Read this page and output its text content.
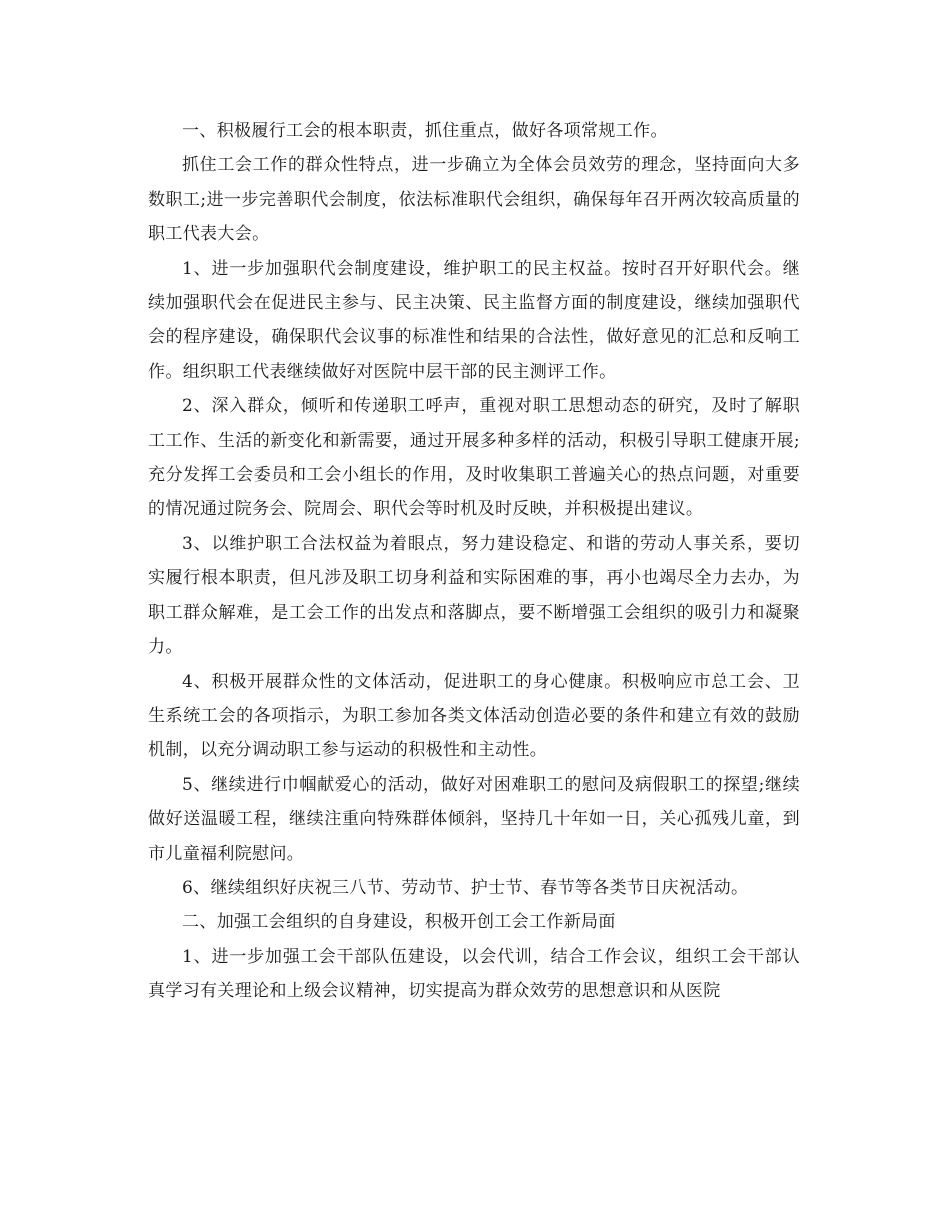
一、积极履行工会的根本职责，抓住重点，做好各项常规工作。

抓住工会工作的群众性特点，进一步确立为全体会员效劳的理念，坚持面向大多数职工;进一步完善职代会制度，依法标准职代会组织，确保每年召开两次较高质量的职工代表大会。

1、进一步加强职代会制度建设，维护职工的民主权益。按时召开好职代会。继续加强职代会在促进民主参与、民主决策、民主监督方面的制度建设，继续加强职代会的程序建设，确保职代会议事的标准性和结果的合法性，做好意见的汇总和反响工作。组织职工代表继续做好对医院中层干部的民主测评工作。

2、深入群众，倾听和传递职工呼声，重视对职工思想动态的研究，及时了解职工工作、生活的新变化和新需要，通过开展多种多样的活动，积极引导职工健康开展;充分发挥工会委员和工会小组长的作用，及时收集职工普遍关心的热点问题，对重要的情况通过院务会、院周会、职代会等时机及时反映，并积极提出建议。

3、以维护职工合法权益为着眼点，努力建设稳定、和谐的劳动人事关系，要切实履行根本职责，但凡涉及职工切身利益和实际困难的事，再小也竭尽全力去办，为职工群众解难，是工会工作的出发点和落脚点，要不断增强工会组织的吸引力和凝聚力。

4、积极开展群众性的文体活动，促进职工的身心健康。积极响应市总工会、卫生系统工会的各项指示，为职工参加各类文体活动创造必要的条件和建立有效的鼓励机制，以充分调动职工参与运动的积极性和主动性。

5、继续进行巾帼献爱心的活动，做好对困难职工的慰问及病假职工的探望;继续做好送温暖工程，继续注重向特殊群体倾斜，坚持几十年如一日，关心孤残儿童，到市儿童福利院慰问。

6、继续组织好庆祝三八节、劳动节、护士节、春节等各类节日庆祝活动。

二、加强工会组织的自身建设，积极开创工会工作新局面

1、进一步加强工会干部队伍建设，以会代训，结合工作会议，组织工会干部认真学习有关理论和上级会议精神，切实提高为群众效劳的思想意识和从医院
